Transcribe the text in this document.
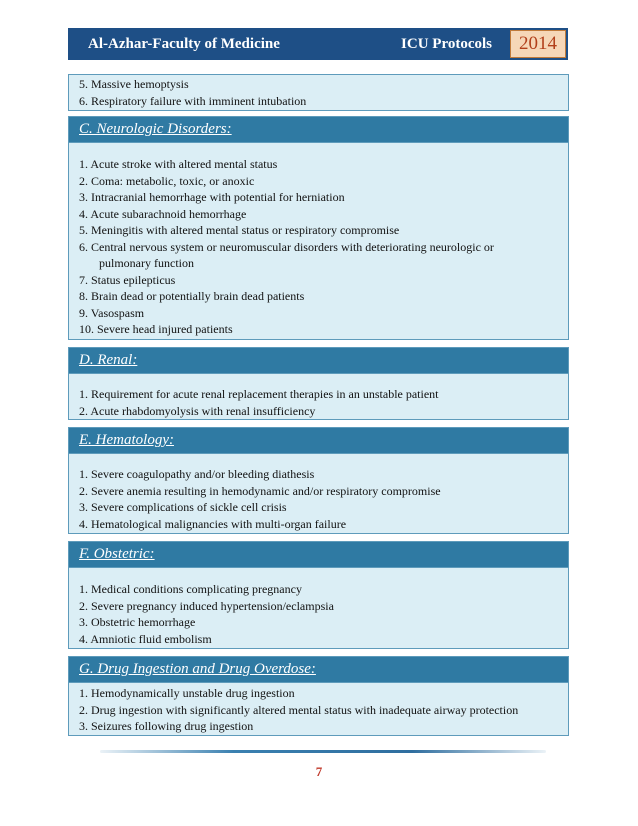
Al-Azhar-Faculty of Medicine	ICU Protocols	2014
5. Massive hemoptysis
6. Respiratory failure with imminent intubation
C. Neurologic Disorders:
1. Acute stroke with altered mental status
2. Coma: metabolic, toxic, or anoxic
3. Intracranial hemorrhage with potential for herniation
4. Acute subarachnoid hemorrhage
5. Meningitis with altered mental status or respiratory compromise
6. Central nervous system or neuromuscular disorders with deteriorating neurologic or
pulmonary function
7. Status epilepticus
8. Brain dead or potentially brain dead patients
9. Vasospasm
10. Severe head injured patients
D. Renal:
1. Requirement for acute renal replacement therapies in an unstable patient
2. Acute rhabdomyolysis with renal insufficiency
E. Hematology:
1. Severe coagulopathy and/or bleeding diathesis
2. Severe anemia resulting in hemodynamic and/or respiratory compromise
3. Severe complications of sickle cell crisis
4. Hematological malignancies with multi-organ failure
F. Obstetric:
1. Medical conditions complicating pregnancy
2. Severe pregnancy induced hypertension/eclampsia
3. Obstetric hemorrhage
4. Amniotic fluid embolism
G. Drug Ingestion and Drug Overdose:
1. Hemodynamically unstable drug ingestion
2. Drug ingestion with significantly altered mental status with inadequate airway protection
3. Seizures following drug ingestion
7
